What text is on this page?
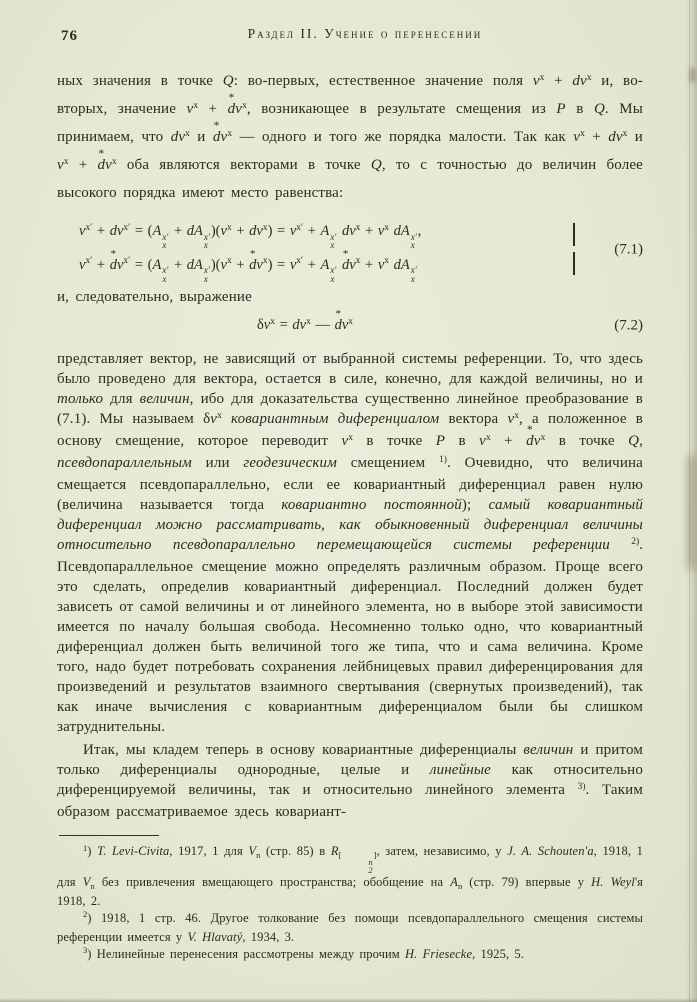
76	Раздел II. Учение о перенесении

ных значения в точке Q: во-первых, естественное значение поля $v^x + dv^x$ и, во-вторых, значение $v^x$ +
*
$dv^x$, возникающее в результате смещения из P в Q. Мы принимаем, что $dv^x$ и
*
$dv^x$ — одного и того же порядка малости. Так как $v^x + dv^x$ и $v^x$ +
*
$dv^x$ оба являются векторами в точке Q, то с точностью до величин более высокого порядка имеют место равенства:

$v^{x'} + dv^{x'} = (A$ x′
x
+ dA x′
x
)$(v^x + dv^x) = v^{x'} + A$ x′
x
$dv^x + v^x$ dA x′
x
,
$v^{x'}$ +
*
$dv^{x'} = (A$ x′
x
+ dA x′
x
)($v^x$ +
*
$dv^x) = v^{x'} + A$ x′
x

*
$dv^x + v^x$ dA x′
x
(7.1)

и, следовательно, выражение

$\delta v^x = dv^x$ —
*
$dv^x$	(7.2)

представляет вектор, не зависящий от выбранной системы референции. То, что здесь было проведено для вектора, остается в силе, конечно, для каждой величины, но и только для величин, ибо для доказательства существенно линейное преобразование в (7.1). Мы называем $\delta v^x$ ковариантным диференциалом вектора $v^x$, а положенное в основу смещение, которое переводит $v^x$ в точке P в $v^x$ +
*
$dv^x$ в точке Q, псевдопараллельным или геодезическим смещением $^{1)}$. Очевидно, что величина смещается псевдопараллельно, если ее ковариантный диференциал равен нулю (величина называется тогда ковариантно постоянной); самый ковариантный диференциал можно рассматривать, как обыкновенный диференциал величины относительно псевдопараллельно перемещающейся системы референции $^{2)}$. Псевдопараллельное смещение можно определять различным образом. Проще всего это сделать, определив ковариантный диференциал. Последний должен будет зависеть от самой величины и от линейного элемента, но в выборе этой зависимости имеется по началу большая свобода. Несомненно только одно, что ковариантный диференциал должен быть величиной того же типа, что и сама величина. Кроме того, надо будет потребовать сохранения лейбницевых правил диференцирования для произведений и результатов взаимного свертывания (свернутых произведений), так как иначе вычисления с ковариантным диференциалом были бы слишком затруднительны.

Итак, мы кладем теперь в основу ковариантные диференциалы величин и притом только диференциалы однородные, целые и линейные как относительно диференцируемой величины, так и относительно линейного элемента $^{3)}$. Таким образом рассматриваемое здесь ковариант-

$^1$) T. Levi-Civita, 1917, 1 для $V_n$ (стр. 85) в $R_[$
n
2
$_]$, затем, независимо, у J. A. Schouten'a, 1918, 1 для $V_n$ без привлечения вмещающего пространства; обобщение на $A_n$ (стр. 79) впервые у H. Weyl'я 1918, 2.

$^2$) 1918, 1 стр. 46. Другое толкование без помощи псевдопараллельного смещения системы референции имеется у V. Hlavatý, 1934, 3.

$^3$) Нелинейные перенесения рассмотрены между прочим H. Friesecke, 1925, 5.
